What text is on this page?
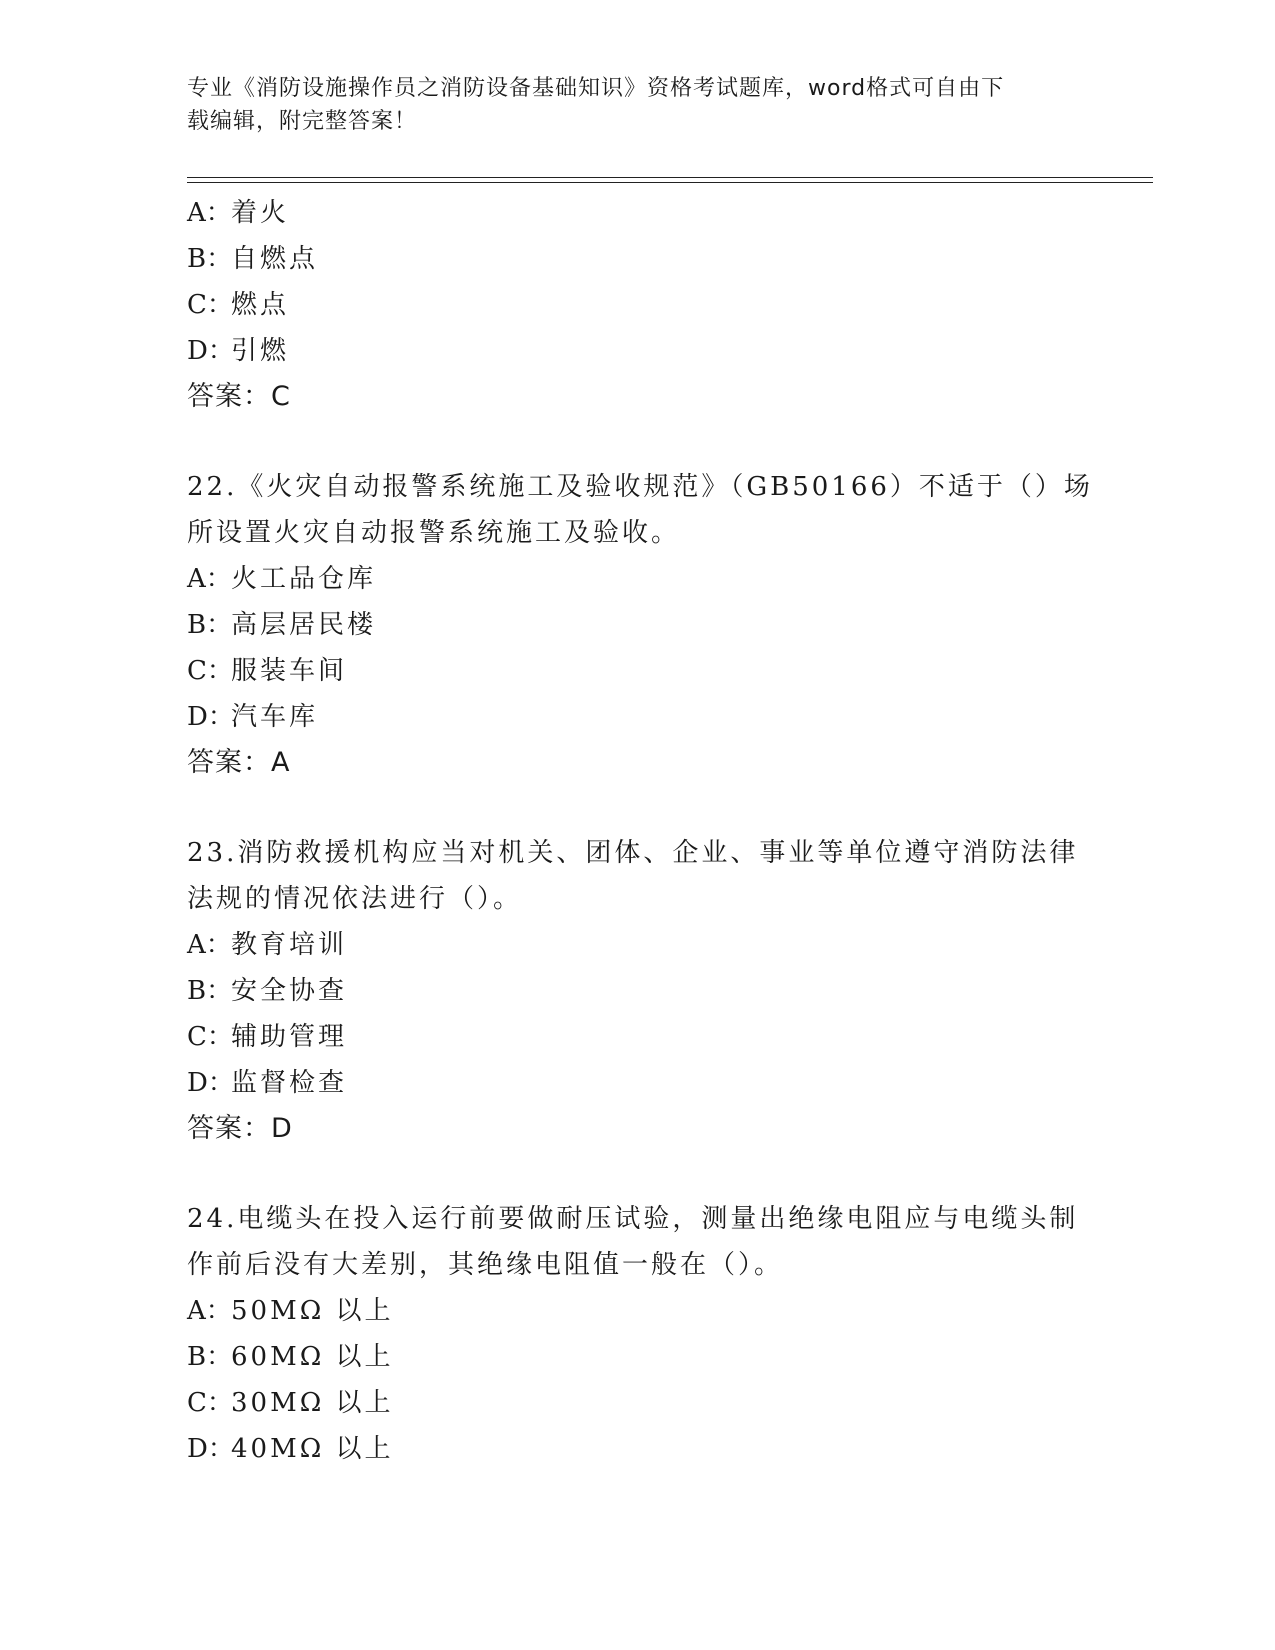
专业《消防设施操作员之消防设备基础知识》资格考试题库，word格式可自由下
载编辑，附完整答案！
A：着火
B：自燃点
C：燃点
D：引燃
答案：C
22.《火灾自动报警系统施工及验收规范》（GB50166）不适于（）场
所设置火灾自动报警系统施工及验收。
A：火工品仓库
B：高层居民楼
C：服装车间
D：汽车库
答案：A
23.消防救援机构应当对机关、团体、企业、事业等单位遵守消防法律
法规的情况依法进行（）。
A：教育培训
B：安全协查
C：辅助管理
D：监督检查
答案：D
24.电缆头在投入运行前要做耐压试验，测量出绝缘电阻应与电缆头制
作前后没有大差别，其绝缘电阻值一般在（）。
A：50MΩ 以上
B：60MΩ 以上
C：30MΩ 以上
D：40MΩ 以上
